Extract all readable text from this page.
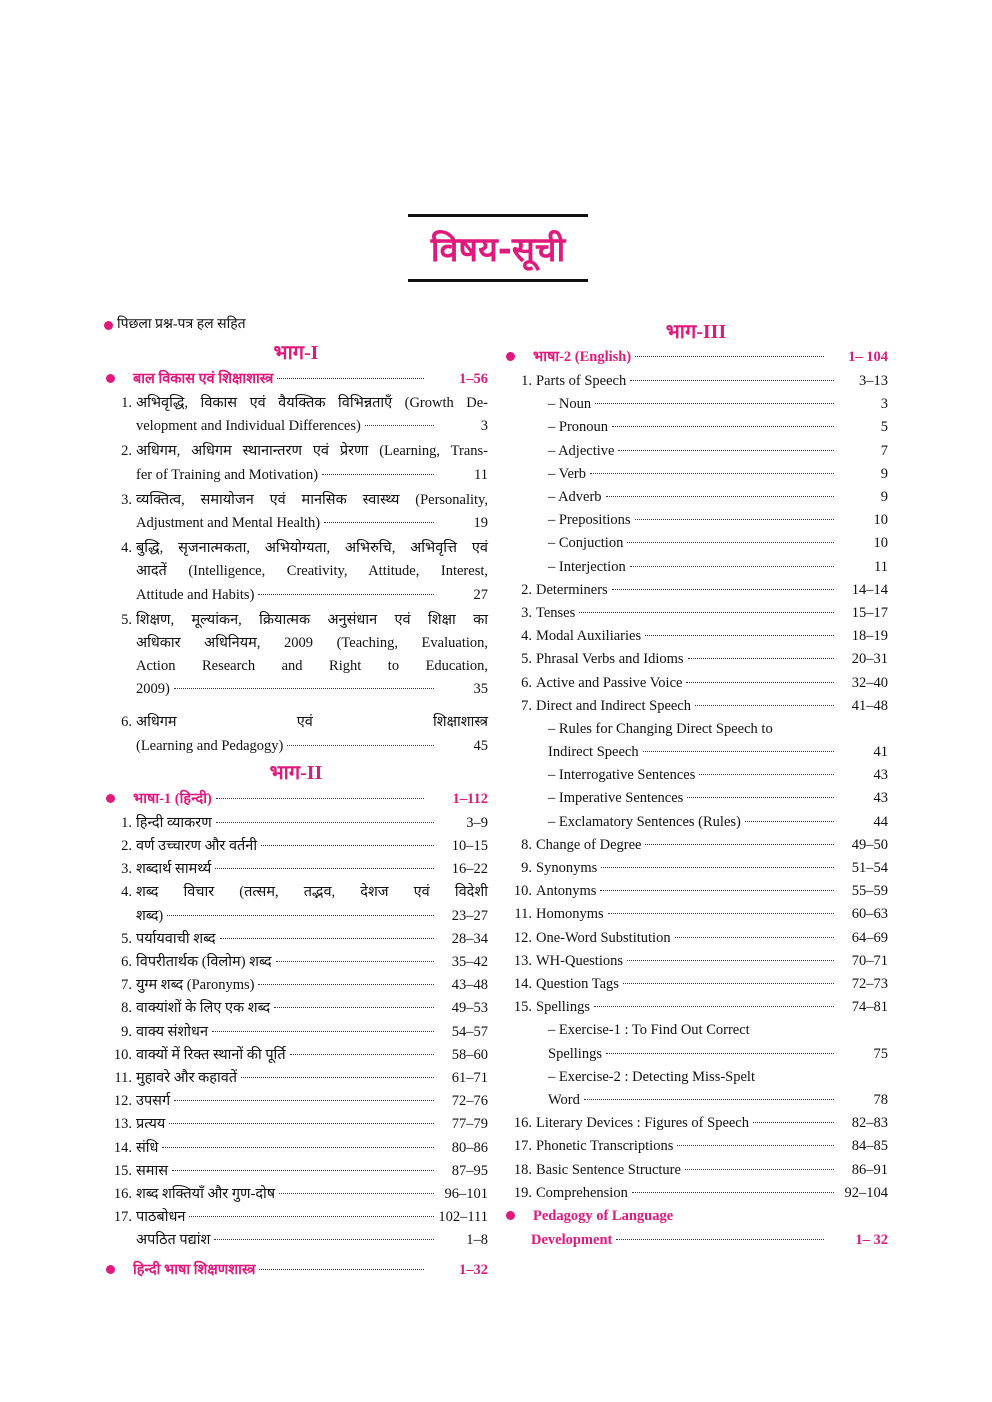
विषय-सूची
पिछला प्रश्न-पत्र हल सहित
भाग-I
बाल विकास एवं शिक्षाशास्त्र	1–56
1. अभिवृद्धि, विकास एवं वैयक्तिक विभिन्नताएँ (Growth De-
velopment and Individual Differences)	3
2. अधिगम, अधिगम स्थानान्तरण एवं प्रेरणा (Learning, Trans-
fer of Training and Motivation)	11
3. व्यक्तित्व, समायोजन एवं मानसिक स्वास्थ्य (Personality,
Adjustment and Mental Health)	19
4. बुद्धि, सृजनात्मकता, अभियोग्यता, अभिरुचि, अभिवृत्ति एवं
आदतें (Intelligence, Creativity, Attitude, Interest,
Attitude and Habits)	27
5. शिक्षण, मूल्यांकन, क्रियात्मक अनुसंधान एवं शिक्षा का
अधिकार अधिनियम, 2009 (Teaching, Evaluation,
Action Research and Right to Education,
2009)	35
6. अधिगम एवं शिक्षाशास्त्र
(Learning and Pedagogy)	45
भाग-II
भाषा-1 (हिन्दी)	1–112
1. हिन्दी व्याकरण	3–9
2. वर्ण उच्चारण और वर्तनी	10–15
3. शब्दार्थ सामर्थ्य	16–22
4. शब्द विचार (तत्सम, तद्भव, देशज एवं विदेशी
शब्द)	23–27
5. पर्यायवाची शब्द	28–34
6. विपरीतार्थक (विलोम) शब्द	35–42
7. युग्म शब्द (Paronyms)	43–48
8. वाक्यांशों के लिए एक शब्द	49–53
9. वाक्य संशोधन	54–57
10. वाक्यों में रिक्त स्थानों की पूर्ति	58–60
11. मुहावरे और कहावतें	61–71
12. उपसर्ग	72–76
13. प्रत्यय	77–79
14. संधि	80–86
15. समास	87–95
16. शब्द शक्तियाँ और गुण-दोष	96–101
17. पाठबोधन	102–111
अपठित पद्यांश	1–8
हिन्दी भाषा शिक्षणशास्त्र	1–32
भाग-III
भाषा-2 (English)	1– 104
1. Parts of Speech	3–13
– Noun	3
– Pronoun	5
– Adjective	7
– Verb	9
– Adverb	9
– Prepositions	10
– Conjuction	10
– Interjection	11
2. Determiners	14–14
3. Tenses	15–17
4. Modal Auxiliaries	18–19
5. Phrasal Verbs and Idioms	20–31
6. Active and Passive Voice	32–40
7. Direct and Indirect Speech	41–48
– Rules for Changing Direct Speech to
Indirect Speech	41
– Interrogative Sentences	43
– Imperative Sentences	43
– Exclamatory Sentences (Rules)	44
8. Change of Degree	49–50
9. Synonyms	51–54
10. Antonyms	55–59
11. Homonyms	60–63
12. One-Word Substitution	64–69
13. WH-Questions	70–71
14. Question Tags	72–73
15. Spellings	74–81
– Exercise-1 : To Find Out Correct
Spellings	75
– Exercise-2 : Detecting Miss-Spelt
Word	78
16. Literary Devices : Figures of Speech	82–83
17. Phonetic Transcriptions	84–85
18. Basic Sentence Structure	86–91
19. Comprehension	92–104
Pedagogy of Language
Development	1– 32
